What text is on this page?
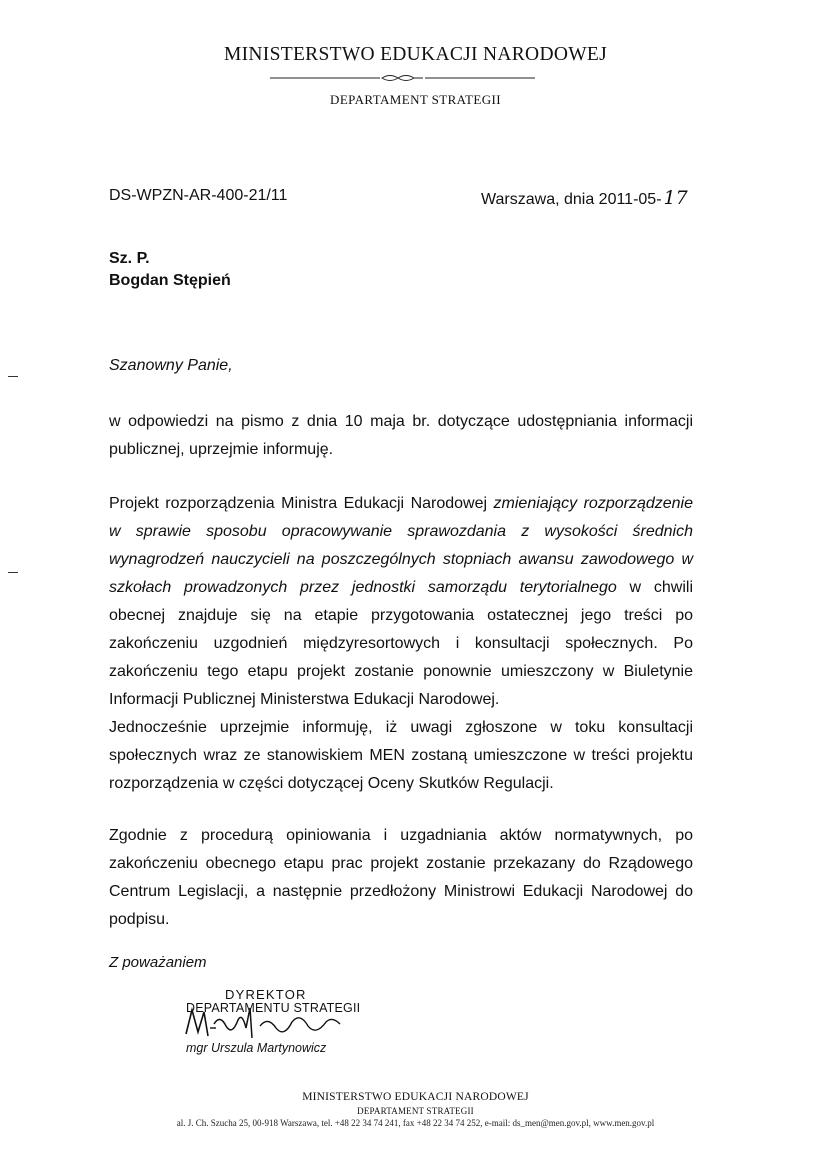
MINISTERSTWO EDUKACJI NARODOWEJ
DEPARTAMENT STRATEGII
DS-WPZN-AR-400-21/11	Warszawa, dnia 2011-05- 17
Sz. P.
Bogdan Stępień
Szanowny Panie,

w odpowiedzi na pismo z dnia 10 maja br. dotyczące udostępniania informacji publicznej, uprzejmie informuję.

Projekt rozporządzenia Ministra Edukacji Narodowej zmieniający rozporządzenie w sprawie sposobu opracowywanie sprawozdania z wysokości średnich wynagrodzeń nauczycieli na poszczególnych stopniach awansu zawodowego w szkołach prowadzonych przez jednostki samorządu terytorialnego w chwili obecnej znajduje się na etapie przygotowania ostatecznej jego treści po zakończeniu uzgodnień międzyresortowych i konsultacji społecznych. Po zakończeniu tego etapu projekt zostanie ponownie umieszczony w Biuletynie Informacji Publicznej Ministerstwa Edukacji Narodowej.

Jednocześnie uprzejmie informuję, iż uwagi zgłoszone w toku konsultacji społecznych wraz ze stanowiskiem MEN zostaną umieszczone w treści projektu rozporządzenia w części dotyczącej Oceny Skutków Regulacji.

Zgodnie z procedurą opiniowania i uzgadniania aktów normatywnych, po zakończeniu obecnego etapu prac projekt zostanie przekazany do Rządowego Centrum Legislacji, a następnie przedłożony Ministrowi Edukacji Narodowej do podpisu.

Z poważaniem
DYREKTOR
DEPARTAMENTU STRATEGII
mgr Urszula Martynowicz
MINISTERSTWO EDUKACJI NARODOWEJ
DEPARTAMENT STRATEGII
al. J. Ch. Szucha 25, 00-918 Warszawa, tel. +48 22 34 74 241, fax +48 22 34 74 252, e-mail: ds_men@men.gov.pl, www.men.gov.pl
